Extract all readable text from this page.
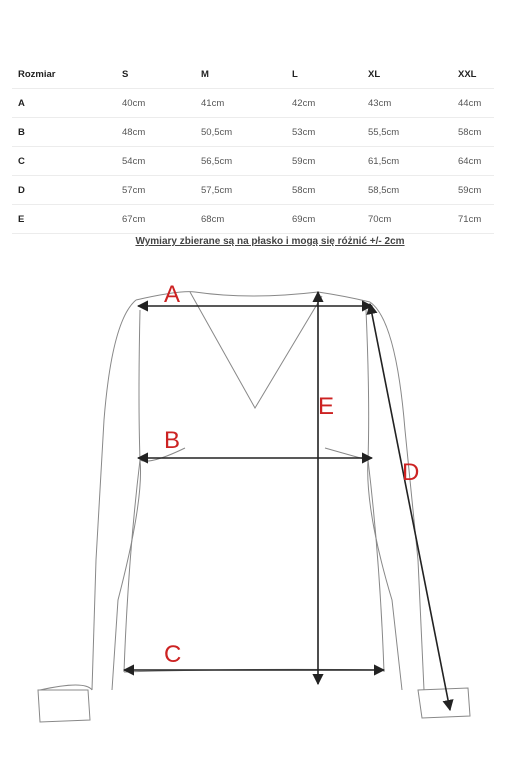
Rozmiar	S	M	L	XL	XXL
A	40cm	41cm	42cm	43cm	44cm
B	48cm	50,5cm	53cm	55,5cm	58cm
C	54cm	56,5cm	59cm	61,5cm	64cm
D	57cm	57,5cm	58cm	58,5cm	59cm
E	67cm	68cm	69cm	70cm	71cm
Wymiary zbierane są na płasko i mogą się różnić +/- 2cm
A
B
C
D
E
